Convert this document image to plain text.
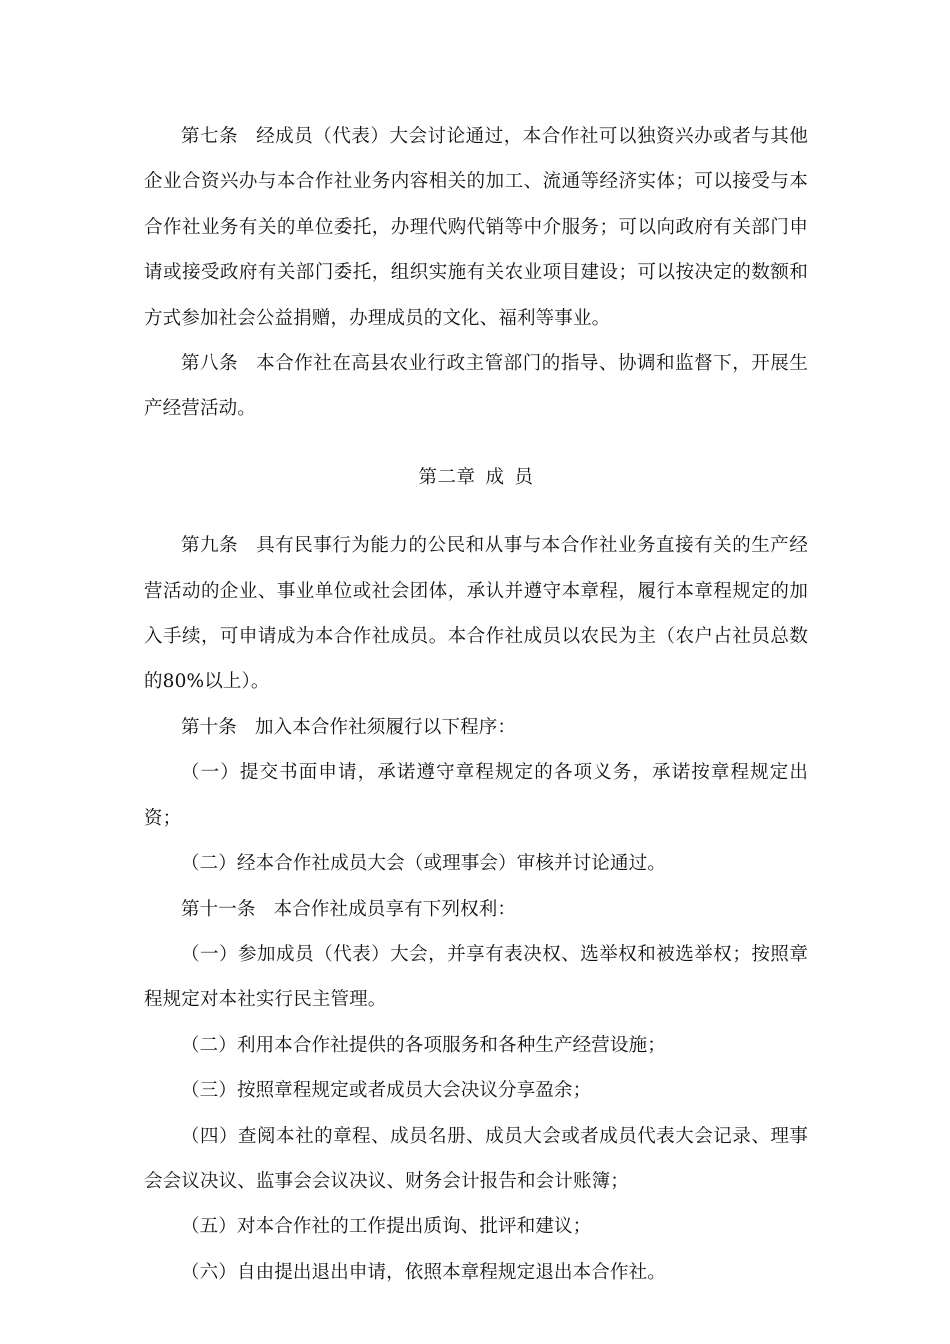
第七条 经成员（代表）大会讨论通过，本合作社可以独资兴办或者与其他企业合资兴办与本合作社业务内容相关的加工、流通等经济实体；可以接受与本合作社业务有关的单位委托，办理代购代销等中介服务；可以向政府有关部门申请或接受政府有关部门委托，组织实施有关农业项目建设；可以按决定的数额和方式参加社会公益捐赠，办理成员的文化、福利等事业。

第八条 本合作社在高县农业行政主管部门的指导、协调和监督下，开展生产经营活动。

第二章 成 员

第九条 具有民事行为能力的公民和从事与本合作社业务直接有关的生产经营活动的企业、事业单位或社会团体，承认并遵守本章程，履行本章程规定的加入手续，可申请成为本合作社成员。本合作社成员以农民为主（农户占社员总数的80%以上）。

第十条 加入本合作社须履行以下程序：

（一）提交书面申请，承诺遵守章程规定的各项义务，承诺按章程规定出资；

（二）经本合作社成员大会（或理事会）审核并讨论通过。

第十一条 本合作社成员享有下列权利：

（一）参加成员（代表）大会，并享有表决权、选举权和被选举权；按照章程规定对本社实行民主管理。

（二）利用本合作社提供的各项服务和各种生产经营设施；

（三）按照章程规定或者成员大会决议分享盈余；

（四）查阅本社的章程、成员名册、成员大会或者成员代表大会记录、理事会会议决议、监事会会议决议、财务会计报告和会计账簿；

（五）对本合作社的工作提出质询、批评和建议；

（六）自由提出退出申请，依照本章程规定退出本合作社。
